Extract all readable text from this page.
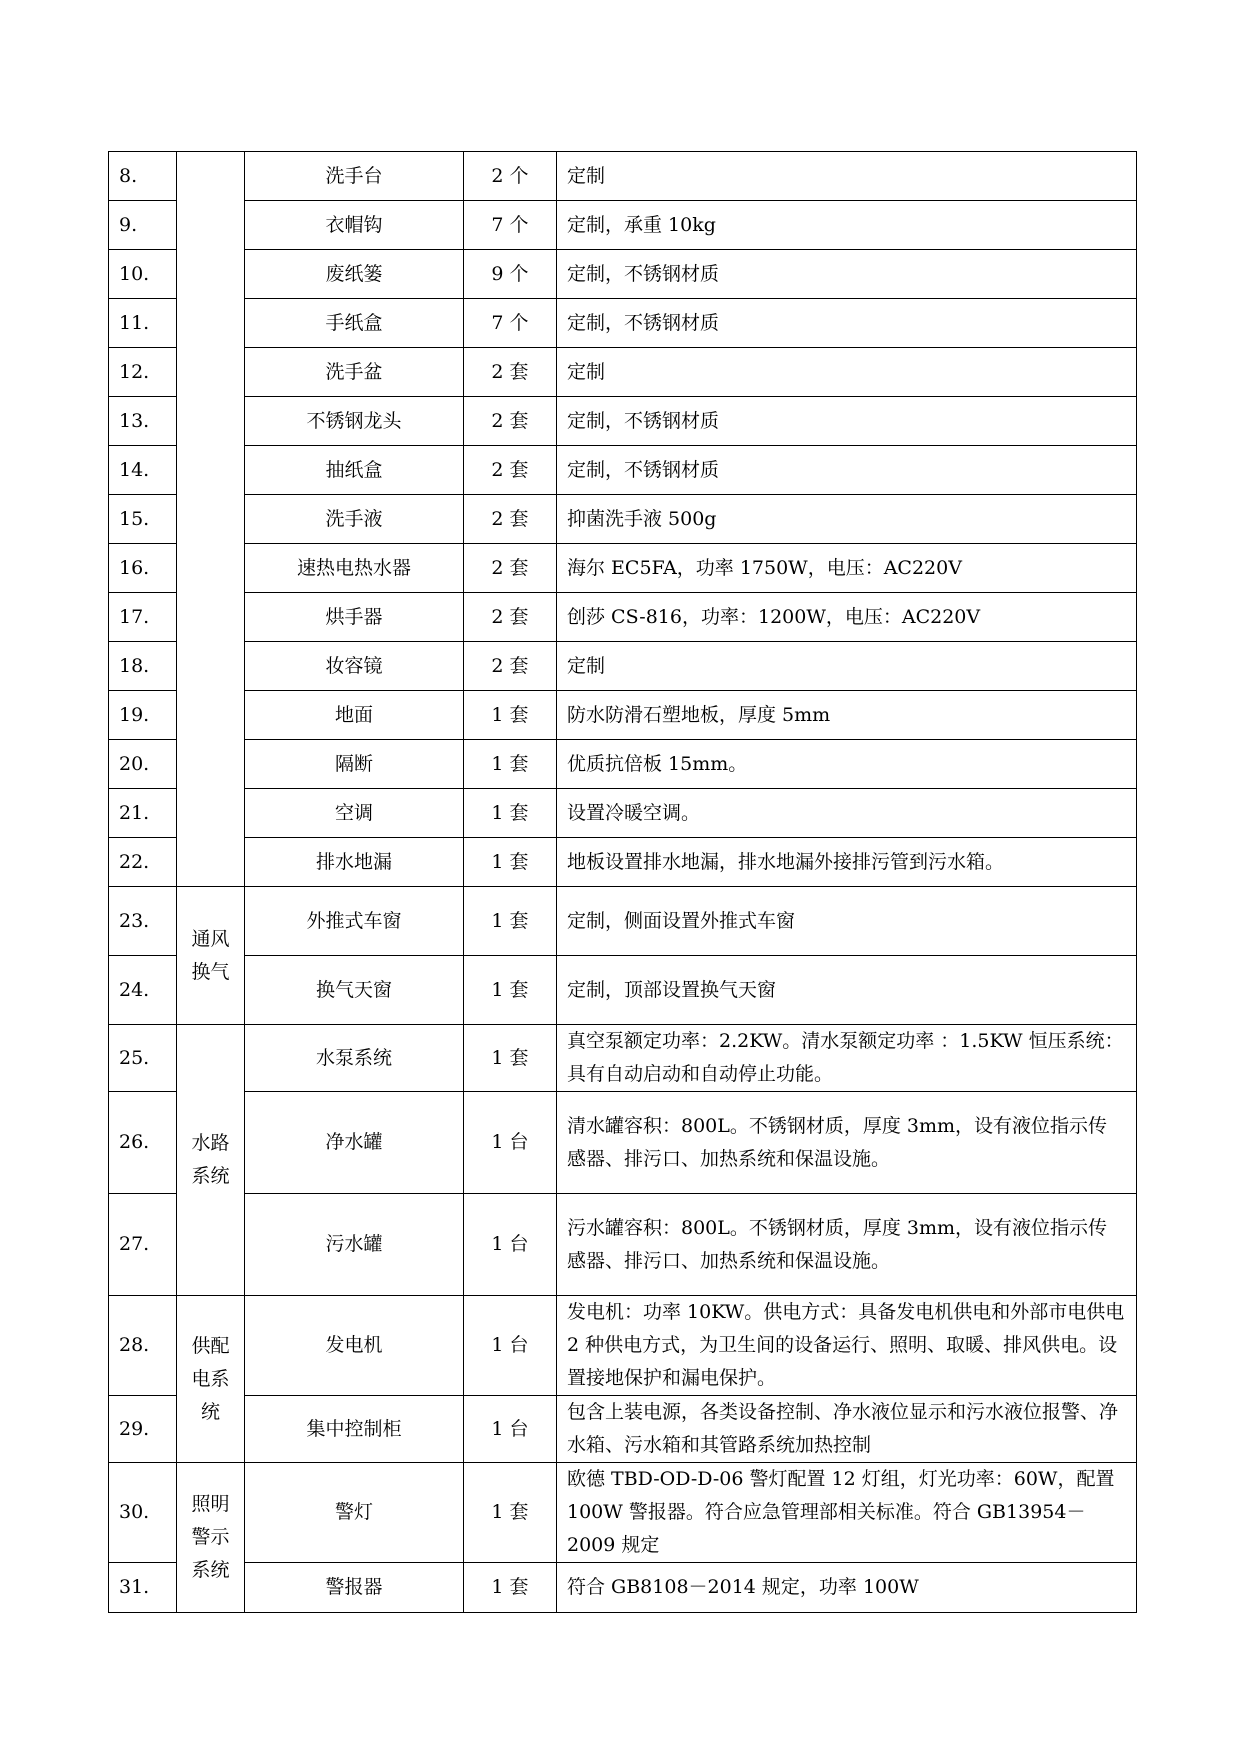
8.		洗手台	2 个	定制
9.		衣帽钩	7 个	定制，承重 10kg
10.		废纸篓	9 个	定制，不锈钢材质
11.		手纸盒	7 个	定制，不锈钢材质
12.		洗手盆	2 套	定制
13.		不锈钢龙头	2 套	定制，不锈钢材质
14.		抽纸盒	2 套	定制，不锈钢材质
15.		洗手液	2 套	抑菌洗手液 500g
16.		速热电热水器	2 套	海尔 EC5FA，功率 1750W，电压：AC220V
17.		烘手器	2 套	创莎 CS-816，功率：1200W，电压：AC220V
18.		妆容镜	2 套	定制
19.		地面	1 套	防水防滑石塑地板，厚度 5mm
20.		隔断	1 套	优质抗倍板 15mm。
21.		空调	1 套	设置冷暖空调。
22.		排水地漏	1 套	地板设置排水地漏，排水地漏外接排污管到污水箱。
23.	通风换气	外推式车窗	1 套	定制，侧面设置外推式车窗
24.		换气天窗	1 套	定制，顶部设置换气天窗
25.	水路系统	水泵系统	1 套	真空泵额定功率：2.2KW。清水泵额定功率 ：1.5KW 恒压系统：具有自动启动和自动停止功能。
26.		净水罐	1 台	清水罐容积：800L。不锈钢材质，厚度 3mm，设有液位指示传感器、排污口、加热系统和保温设施。
27.		污水罐	1 台	污水罐容积：800L。不锈钢材质，厚度 3mm，设有液位指示传感器、排污口、加热系统和保温设施。
28.	供配电系统	发电机	1 台	发电机：功率 10KW。供电方式：具备发电机供电和外部市电供电 2 种供电方式，为卫生间的设备运行、照明、取暖、排风供电。设置接地保护和漏电保护。
29.		集中控制柜	1 台	包含上装电源，各类设备控制、净水液位显示和污水液位报警、净水箱、污水箱和其管路系统加热控制
30.	照明警示系统	警灯	1 套	欧德 TBD-OD-D-06 警灯配置 12 灯组，灯光功率：60W，配置 100W 警报器。符合应急管理部相关标准。符合 GB13954－2009 规定
31.		警报器	1 套	符合 GB8108－2014 规定，功率 100W
